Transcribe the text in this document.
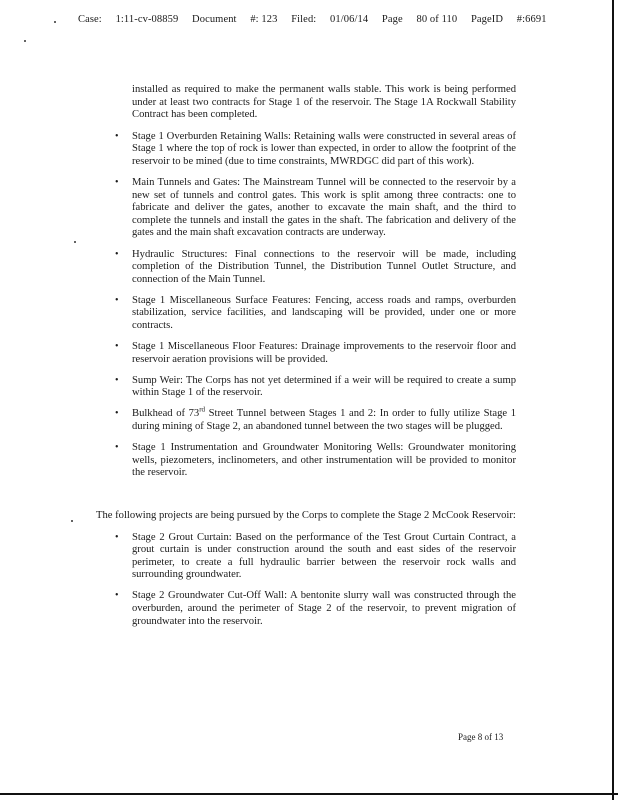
Case: 1:11-cv-08859 Document #: 123 Filed: 01/06/14 Page 80 of 110 PageID #:6691

installed as required to make the permanent walls stable. This work is being performed under at least two contracts for Stage 1 of the reservoir. The Stage 1A Rockwall Stability Contract has been completed.

• Stage 1 Overburden Retaining Walls: Retaining walls were constructed in several areas of Stage 1 where the top of rock is lower than expected, in order to allow the footprint of the reservoir to be mined (due to time constraints, MWRDGC did part of this work).
• Main Tunnels and Gates: The Mainstream Tunnel will be connected to the reservoir by a new set of tunnels and control gates. This work is split among three contracts: one to fabricate and deliver the gates, another to excavate the main shaft, and the third to complete the tunnels and install the gates in the shaft. The fabrication and delivery of the gates and the main shaft excavation contracts are underway.
• Hydraulic Structures: Final connections to the reservoir will be made, including completion of the Distribution Tunnel, the Distribution Tunnel Outlet Structure, and connection of the Main Tunnel.
• Stage 1 Miscellaneous Surface Features: Fencing, access roads and ramps, overburden stabilization, service facilities, and landscaping will be provided, under one or more contracts.
• Stage 1 Miscellaneous Floor Features: Drainage improvements to the reservoir floor and reservoir aeration provisions will be provided.
• Sump Weir: The Corps has not yet determined if a weir will be required to create a sump within Stage 1 of the reservoir.
• Bulkhead of 73rd Street Tunnel between Stages 1 and 2: In order to fully utilize Stage 1 during mining of Stage 2, an abandoned tunnel between the two stages will be plugged.
• Stage 1 Instrumentation and Groundwater Monitoring Wells: Groundwater monitoring wells, piezometers, inclinometers, and other instrumentation will be provided to monitor the reservoir.

The following projects are being pursued by the Corps to complete the Stage 2 McCook Reservoir:

• Stage 2 Grout Curtain: Based on the performance of the Test Grout Curtain Contract, a grout curtain is under construction around the south and east sides of the reservoir perimeter, to create a full hydraulic barrier between the reservoir rock walls and surrounding groundwater.
• Stage 2 Groundwater Cut-Off Wall: A bentonite slurry wall was constructed through the overburden, around the perimeter of Stage 2 of the reservoir, to prevent migration of groundwater into the reservoir.
Page 8 of 13
